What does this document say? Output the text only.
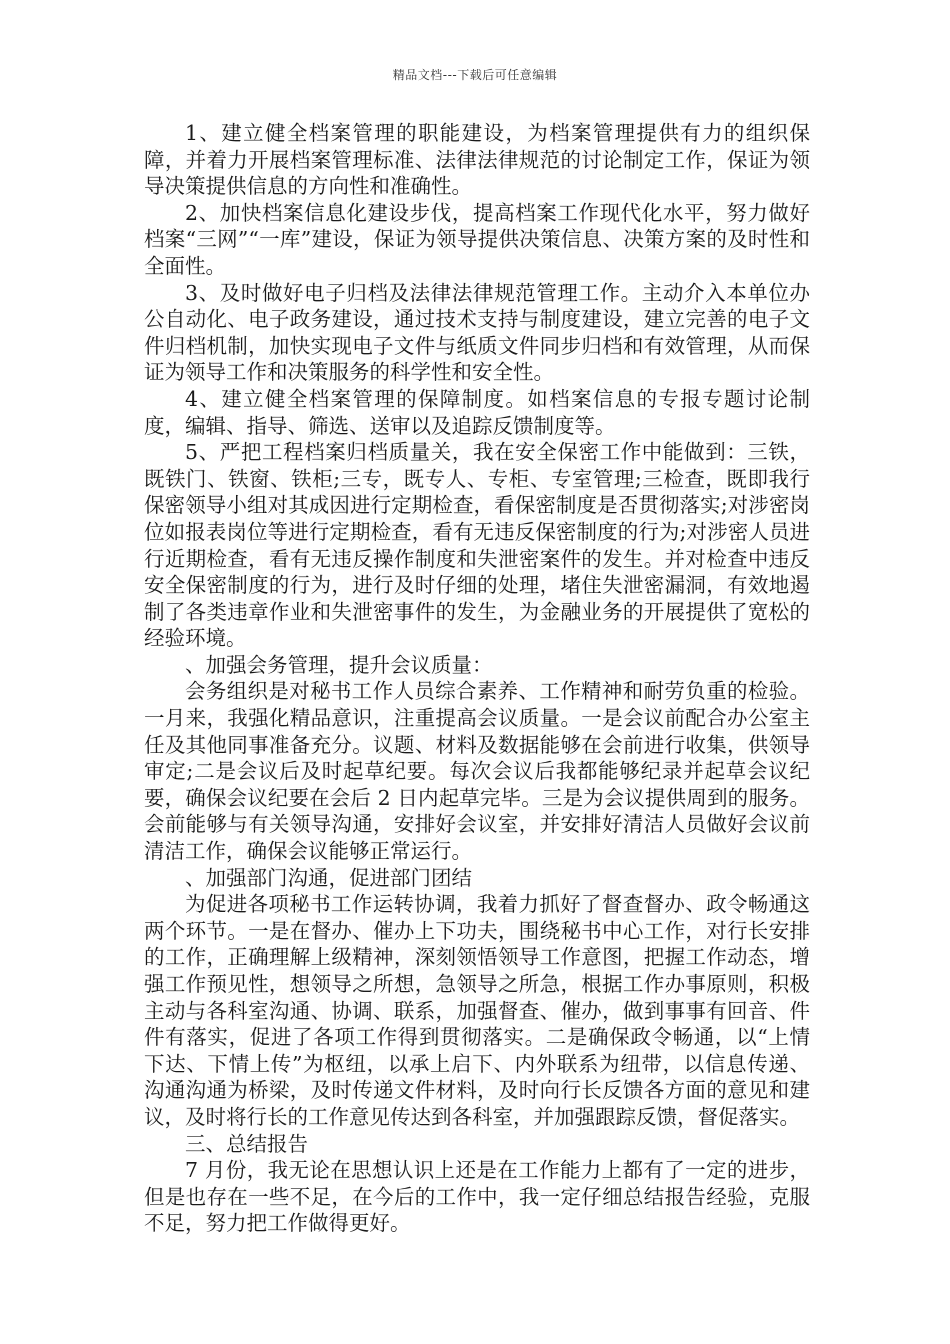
精品文档---下载后可任意编辑

1、建立健全档案管理的职能建设，为档案管理提供有力的组织保障，并着力开展档案管理标准、法律法律规范的讨论制定工作，保证为领导决策提供信息的方向性和准确性。

2、加快档案信息化建设步伐，提高档案工作现代化水平，努力做好档案“三网”“一库”建设，保证为领导提供决策信息、决策方案的及时性和全面性。

3、及时做好电子归档及法律法律规范管理工作。主动介入本单位办公自动化、电子政务建设，通过技术支持与制度建设，建立完善的电子文件归档机制，加快实现电子文件与纸质文件同步归档和有效管理，从而保证为领导工作和决策服务的科学性和安全性。

4、建立健全档案管理的保障制度。如档案信息的专报专题讨论制度，编辑、指导、筛选、送审以及追踪反馈制度等。

5、严把工程档案归档质量关，我在安全保密工作中能做到：三铁，既铁门、铁窗、铁柜;三专，既专人、专柜、专室管理;三检查，既即我行保密领导小组对其成因进行定期检查，看保密制度是否贯彻落实;对涉密岗位如报表岗位等进行定期检查，看有无违反保密制度的行为;对涉密人员进行近期检查，看有无违反操作制度和失泄密案件的发生。并对检查中违反安全保密制度的行为，进行及时仔细的处理，堵住失泄密漏洞，有效地遏制了各类违章作业和失泄密事件的发生，为金融业务的开展提供了宽松的经验环境。

、加强会务管理，提升会议质量：

会务组织是对秘书工作人员综合素养、工作精神和耐劳负重的检验。一月来，我强化精品意识，注重提高会议质量。一是会议前配合办公室主任及其他同事准备充分。议题、材料及数据能够在会前进行收集，供领导审定;二是会议后及时起草纪要。每次会议后我都能够纪录并起草会议纪要，确保会议纪要在会后 2 日内起草完毕。三是为会议提供周到的服务。会前能够与有关领导沟通，安排好会议室，并安排好清洁人员做好会议前清洁工作，确保会议能够正常运行。

、加强部门沟通，促进部门团结

为促进各项秘书工作运转协调，我着力抓好了督查督办、政令畅通这两个环节。一是在督办、催办上下功夫，围绕秘书中心工作，对行长安排的工作，正确理解上级精神，深刻领悟领导工作意图，把握工作动态，增强工作预见性，想领导之所想，急领导之所急，根据工作办事原则，积极主动与各科室沟通、协调、联系，加强督查、催办，做到事事有回音、件件有落实，促进了各项工作得到贯彻落实。二是确保政令畅通，以“上情下达、下情上传”为枢纽，以承上启下、内外联系为纽带，以信息传递、沟通沟通为桥梁，及时传递文件材料，及时向行长反馈各方面的意见和建议，及时将行长的工作意见传达到各科室，并加强跟踪反馈，督促落实。

三、总结报告

7 月份，我无论在思想认识上还是在工作能力上都有了一定的进步，但是也存在一些不足，在今后的工作中，我一定仔细总结报告经验，克服不足，努力把工作做得更好。
